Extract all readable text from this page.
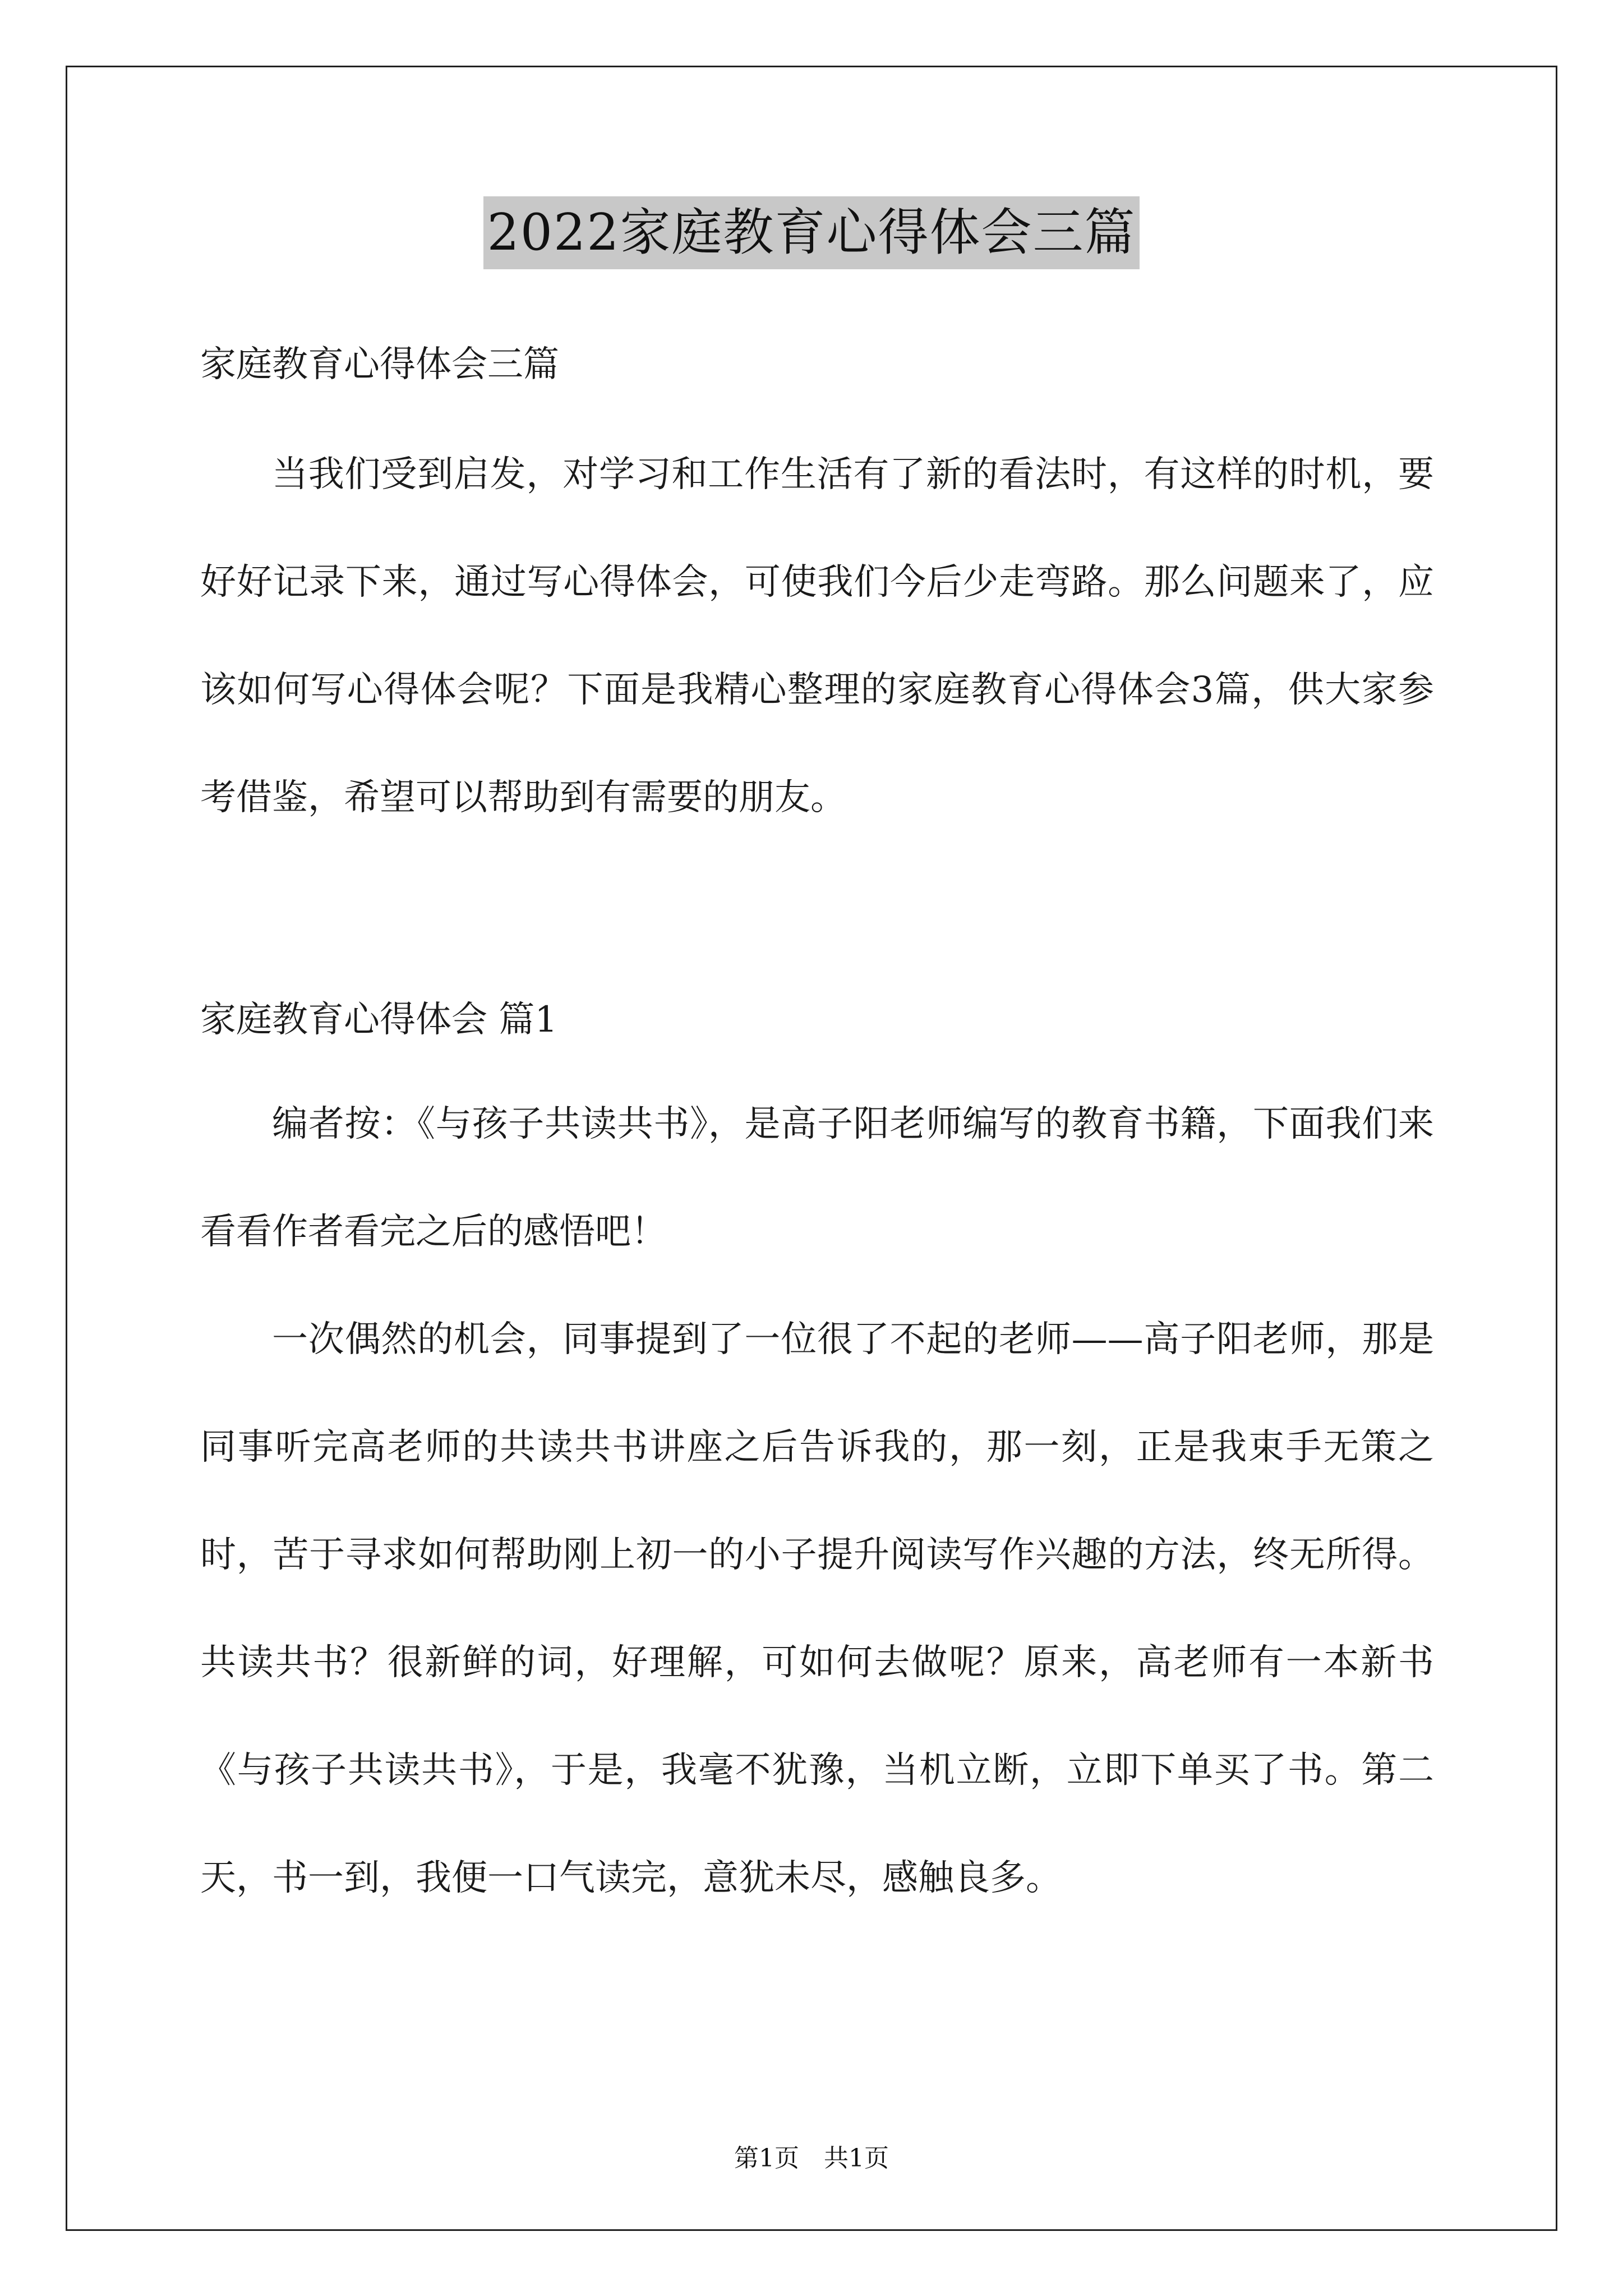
2022家庭教育心得体会三篇

家庭教育心得体会三篇

当我们受到启发，对学习和工作生活有了新的看法时，有这样的时机，要好好记录下来，通过写心得体会，可使我们今后少走弯路。那么问题来了，应该如何写心得体会呢？下面是我精心整理的家庭教育心得体会3篇，供大家参考借鉴，希望可以帮助到有需要的朋友。

家庭教育心得体会 篇1

编者按：《与孩子共读共书》，是高子阳老师编写的教育书籍，下面我们来看看作者看完之后的感悟吧！

一次偶然的机会，同事提到了一位很了不起的老师——高子阳老师，那是同事听完高老师的共读共书讲座之后告诉我的，那一刻，正是我束手无策之时，苦于寻求如何帮助刚上初一的小子提升阅读写作兴趣的方法，终无所得。共读共书？很新鲜的词，好理解，可如何去做呢？原来，高老师有一本新书《与孩子共读共书》，于是，我毫不犹豫，当机立断，立即下单买了书。第二天，书一到，我便一口气读完，意犹未尽，感触良多。

第1页　共1页
